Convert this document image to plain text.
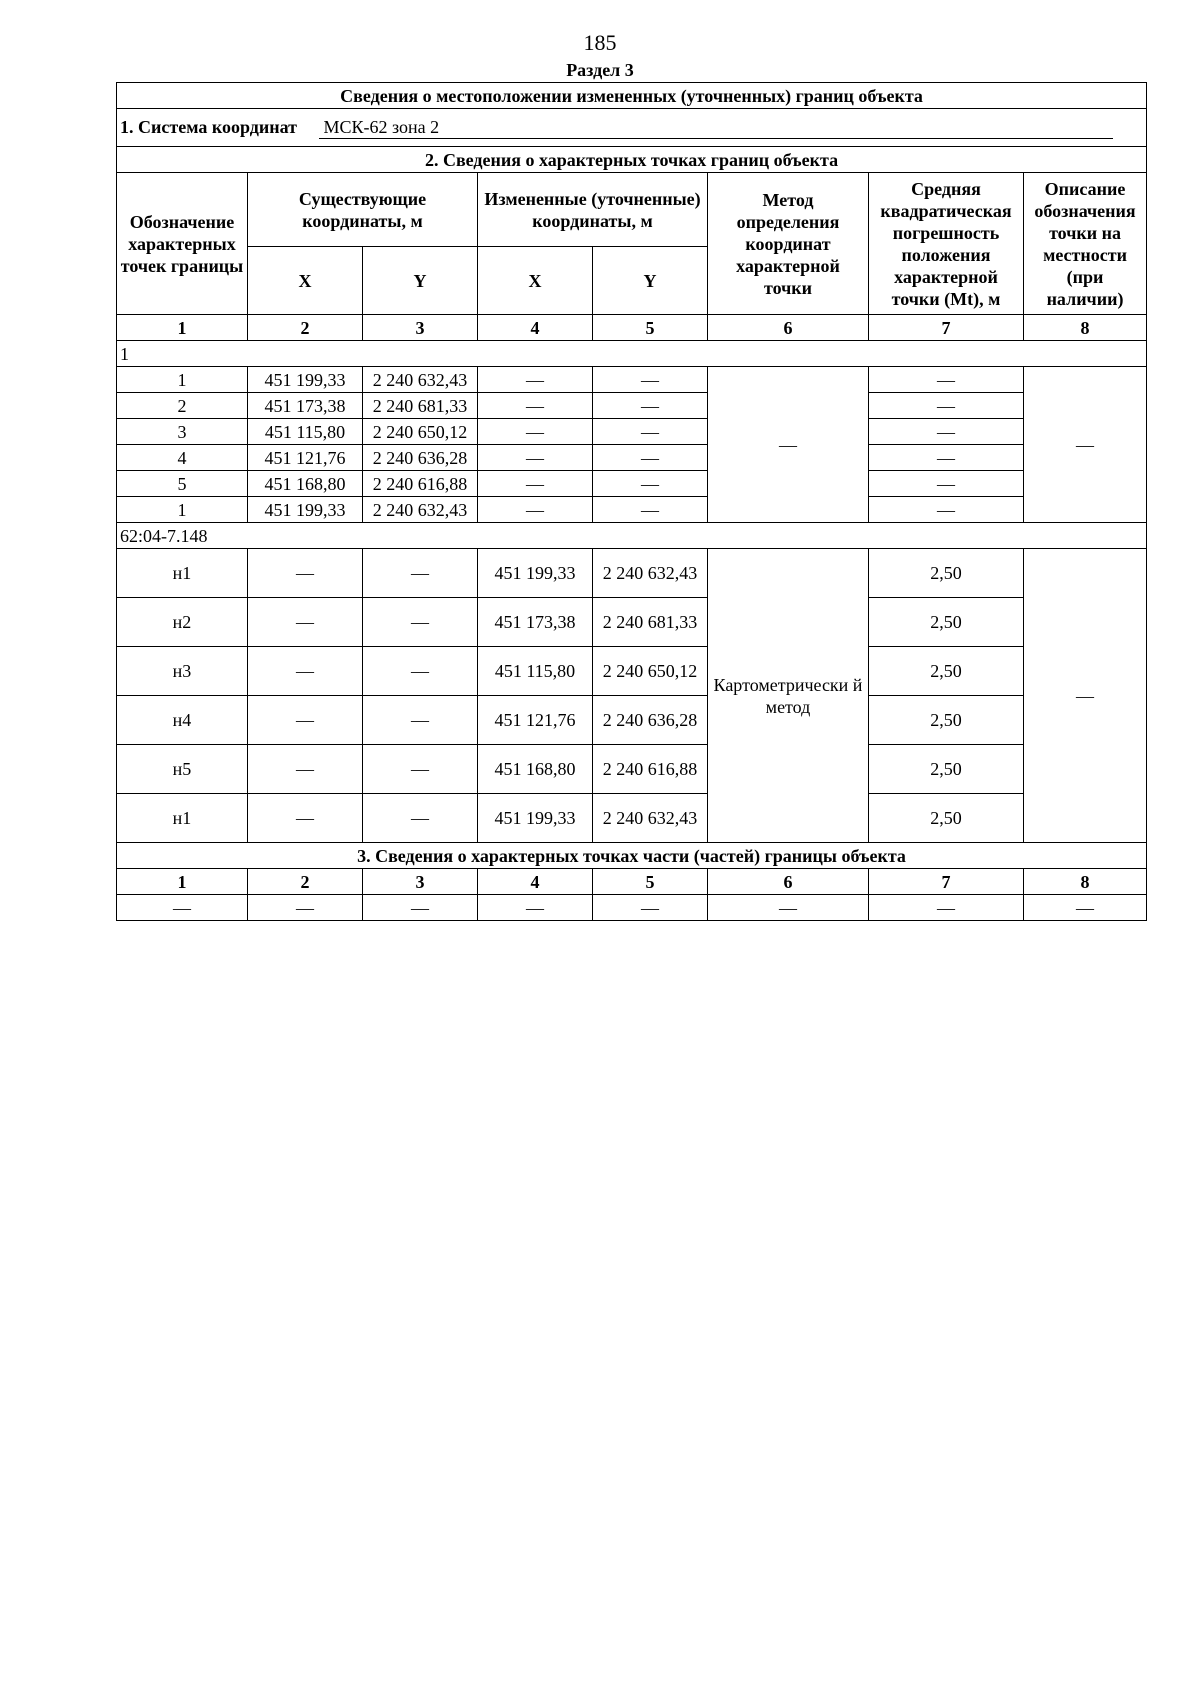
185
Раздел 3
Сведения о местоположении измененных (уточненных) границ объекта							
1. Система координат МСК-62 зона 2							
2. Сведения о характерных точках границ объекта							
Обозначение характерных точек границы	Существующие координаты, м		Измененные (уточненные) координаты, м		Метод определения координат характерной точки	Средняя квадратическая погрешность положения характерной точки (Mt), м	Описание обозначения точки на местности (при наличии)
	X	Y	X	Y			
1	2	3	4	5	6	7	8
1							
1	451 199,33	2 240 632,43	—	—	—	—	—
2	451 173,38	2 240 681,33	—	—		—	
3	451 115,80	2 240 650,12	—	—		—	
4	451 121,76	2 240 636,28	—	—		—	
5	451 168,80	2 240 616,88	—	—		—	
1	451 199,33	2 240 632,43	—	—		—	
62:04-7.148							
н1	—	—	451 199,33	2 240 632,43	Картометрически й метод	2,50	—
н2	—	—	451 173,38	2 240 681,33		2,50	
н3	—	—	451 115,80	2 240 650,12		2,50	
н4	—	—	451 121,76	2 240 636,28		2,50	
н5	—	—	451 168,80	2 240 616,88		2,50	
н1	—	—	451 199,33	2 240 632,43		2,50	
3. Сведения о характерных точках части (частей) границы объекта							
1	2	3	4	5	6	7	8
—	—	—	—	—	—	—	—
